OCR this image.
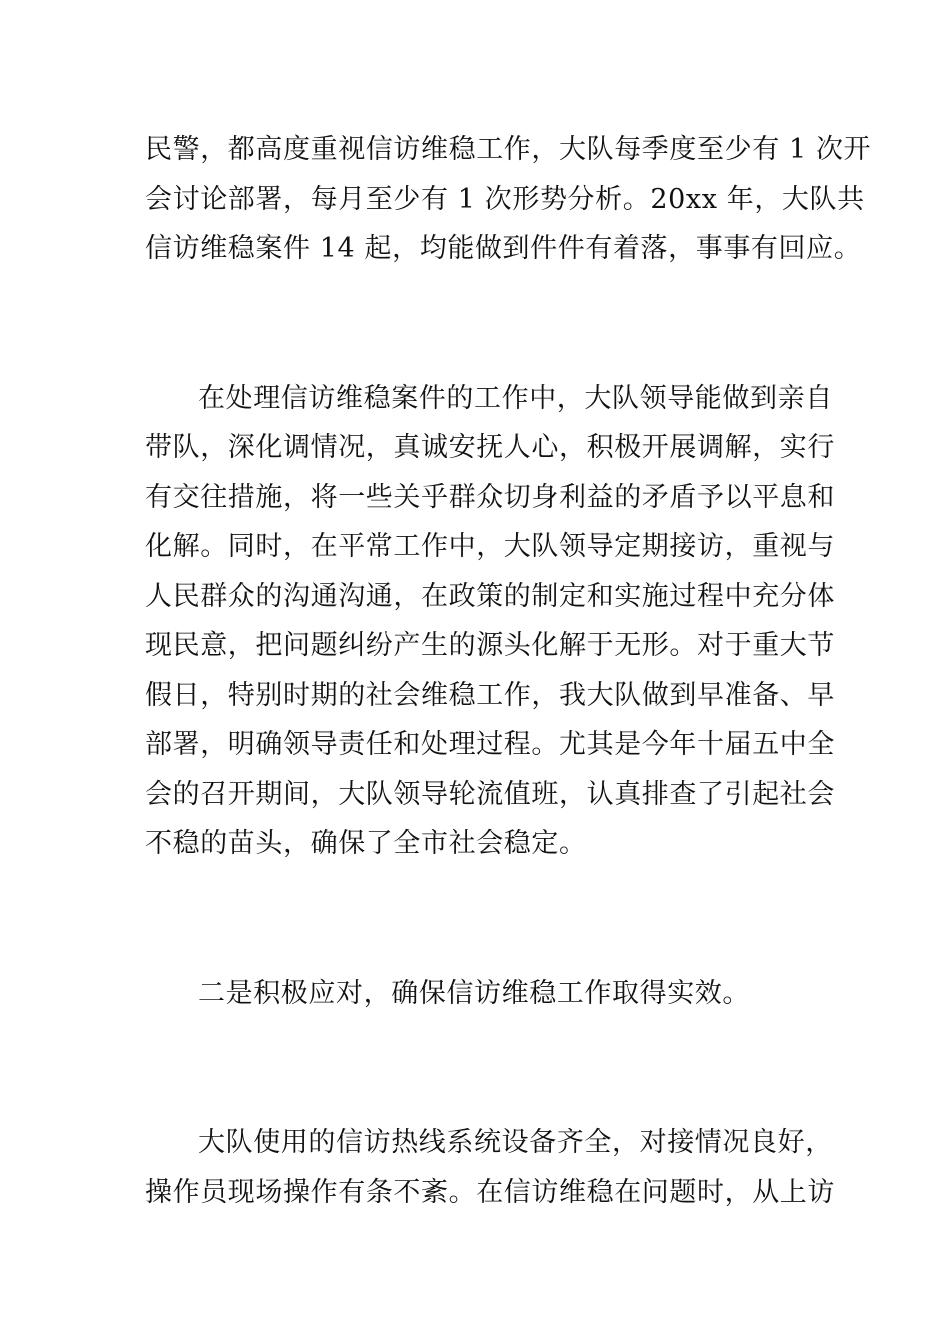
民警，都高度重视信访维稳工作，大队每季度至少有 1 次开
会讨论部署，每月至少有 1 次形势分析。20xx 年，大队共
信访维稳案件 14 起，均能做到件件有着落，事事有回应。
在处理信访维稳案件的工作中，大队领导能做到亲自
带队，深化调情况，真诚安抚人心，积极开展调解，实行
有交往措施，将一些关乎群众切身利益的矛盾予以平息和
化解。同时，在平常工作中，大队领导定期接访，重视与
人民群众的沟通沟通，在政策的制定和实施过程中充分体
现民意，把问题纠纷产生的源头化解于无形。对于重大节
假日，特别时期的社会维稳工作，我大队做到早准备、早
部署，明确领导责任和处理过程。尤其是今年十届五中全
会的召开期间，大队领导轮流值班，认真排查了引起社会
不稳的苗头，确保了全市社会稳定。
二是积极应对，确保信访维稳工作取得实效。
大队使用的信访热线系统设备齐全，对接情况良好，
操作员现场操作有条不紊。在信访维稳在问题时，从上访
